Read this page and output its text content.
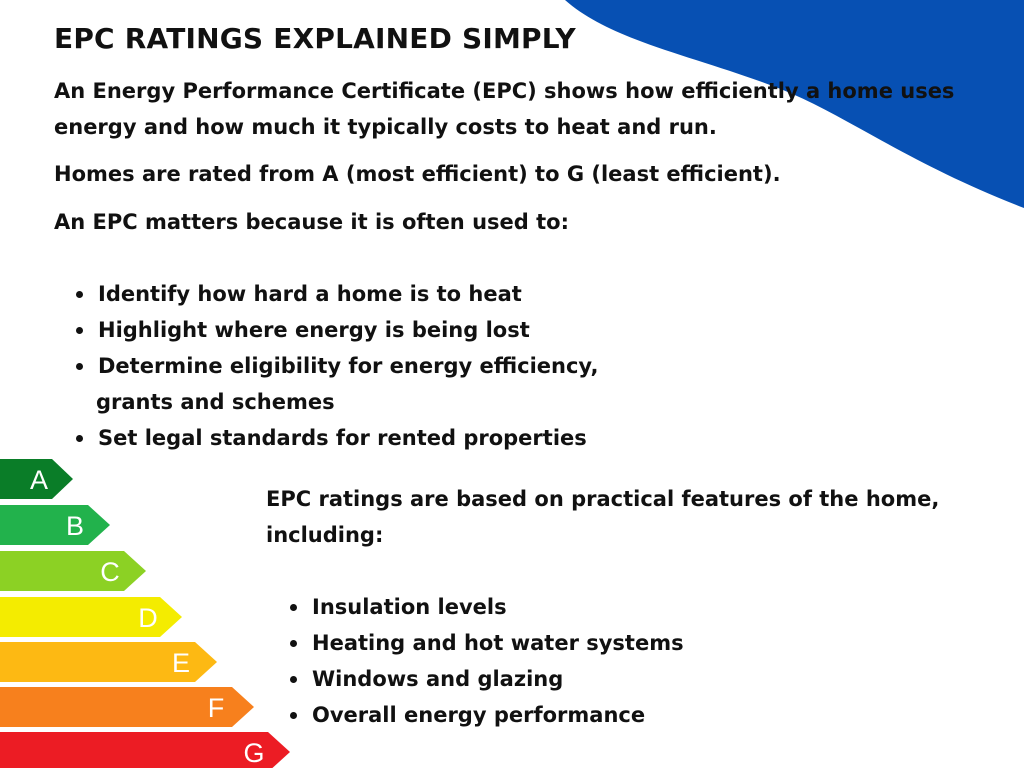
EPC RATINGS EXPLAINED SIMPLY
An Energy Performance Certificate (EPC) shows how efficiently a home uses
energy and how much it typically costs to heat and run.
Homes are rated from A (most efficient) to G (least efficient).
An EPC matters because it is often used to:
Identify how hard a home is to heat
Highlight where energy is being lost
Determine eligibility for energy efficiency,
grants and schemes
Set legal standards for rented properties
A
B
C
D
E
F
G
EPC ratings are based on practical features of the home,
including:
Insulation levels
Heating and hot water systems
Windows and glazing
Overall energy performance
